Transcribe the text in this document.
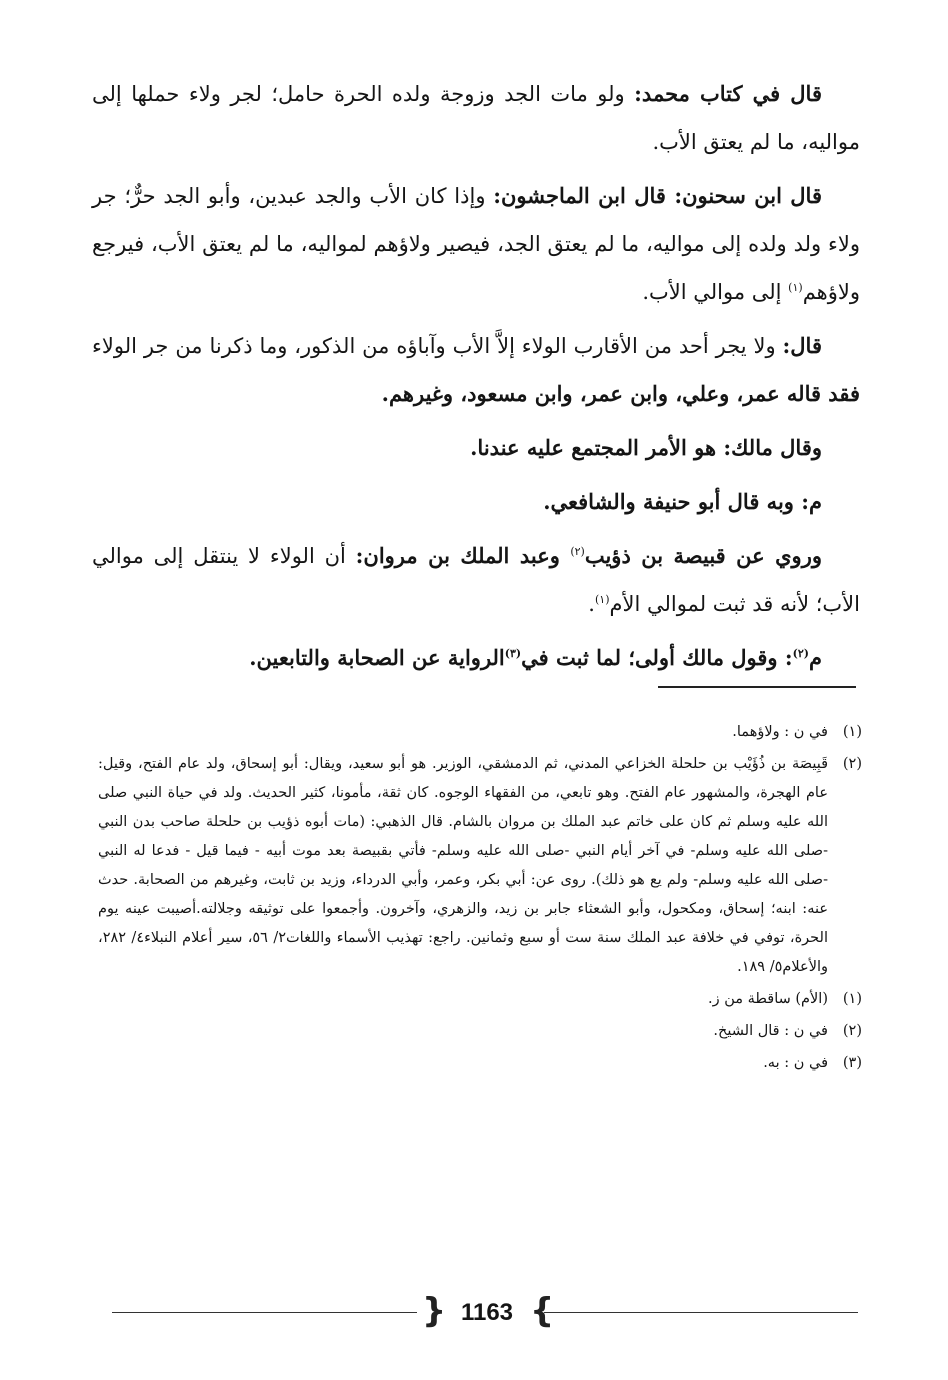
قال في كتاب محمد: ولو مات الجد وزوجة ولده الحرة حامل؛ لجر ولاء حملها إلى مواليه، ما لم يعتق الأب.

قال ابن سحنون: قال ابن الماجشون: وإذا كان الأب والجد عبدين، وأبو الجد حرٌّ؛ جر ولاء ولد ولده إلى مواليه، ما لم يعتق الجد، فيصير ولاؤهم لمواليه، ما لم يعتق الأب، فيرجع ولاؤهم$^{(١)}$ إلى موالي الأب.

قال: ولا يجر أحد من الأقارب الولاء إلاَّ الأب وآباؤه من الذكور، وما ذكرنا من جر الولاء فقد قاله عمر، وعلي، وابن عمر، وابن مسعود، وغيرهم.

وقال مالك: هو الأمر المجتمع عليه عندنا.

م: وبه قال أبو حنيفة والشافعي.

وروي عن قبيصة بن ذؤيب$^{(٢)}$ وعبد الملك بن مروان: أن الولاء لا ينتقل إلى موالي الأب؛ لأنه قد ثبت لموالي الأم$^{(١)}$.

م$^{(٢)}$: وقول مالك أولى؛ لما ثبت في$^{(٣)}$الرواية عن الصحابة والتابعين.

(١)
في ن : ولاؤهما.

(٢)
قَبِيصَة بن ذُؤَيْب بن حلحلة الخزاعي المدني، ثم الدمشقي، الوزير. هو أبو سعيد، ويقال: أبو إسحاق، ولد عام الفتح، وقيل: عام الهجرة، والمشهور عام الفتح. وهو تابعي، من الفقهاء الوجوه. كان ثقة، مأمونا، كثير الحديث. ولد في حياة النبي صلى الله عليه وسلم ثم كان على خاتم عبد الملك بن مروان بالشام. قال الذهبي: (مات أبوه ذؤيب بن حلحلة صاحب بدن النبي -صلى الله عليه وسلم- في آخر أيام النبي -صلى الله عليه وسلم- فأتي بقبيصة بعد موت أبيه - فيما قيل - فدعا له النبي -صلى الله عليه وسلم- ولم يع هو ذلك). روى عن: أبي بكر، وعمر، وأبي الدرداء، وزيد بن ثابت، وغيرهم من الصحابة. حدث عنه: ابنه؛ إسحاق، ومكحول، وأبو الشعثاء جابر بن زيد، والزهري، وآخرون. وأجمعوا على توثيقه وجلالته.أصيبت عينه يوم الحرة، توفي في خلافة عبد الملك سنة ست أو سبع وثمانين. راجع: تهذيب الأسماء واللغات٢/ ٥٦، سير أعلام النبلاء٤/ ٢٨٢، والأعلام٥/ ١٨٩.

(١)
(الأم) ساقطة من ز.

(٢)
في ن : قال الشيخ.

(٣)
في ن : به.

{ 1163 }
